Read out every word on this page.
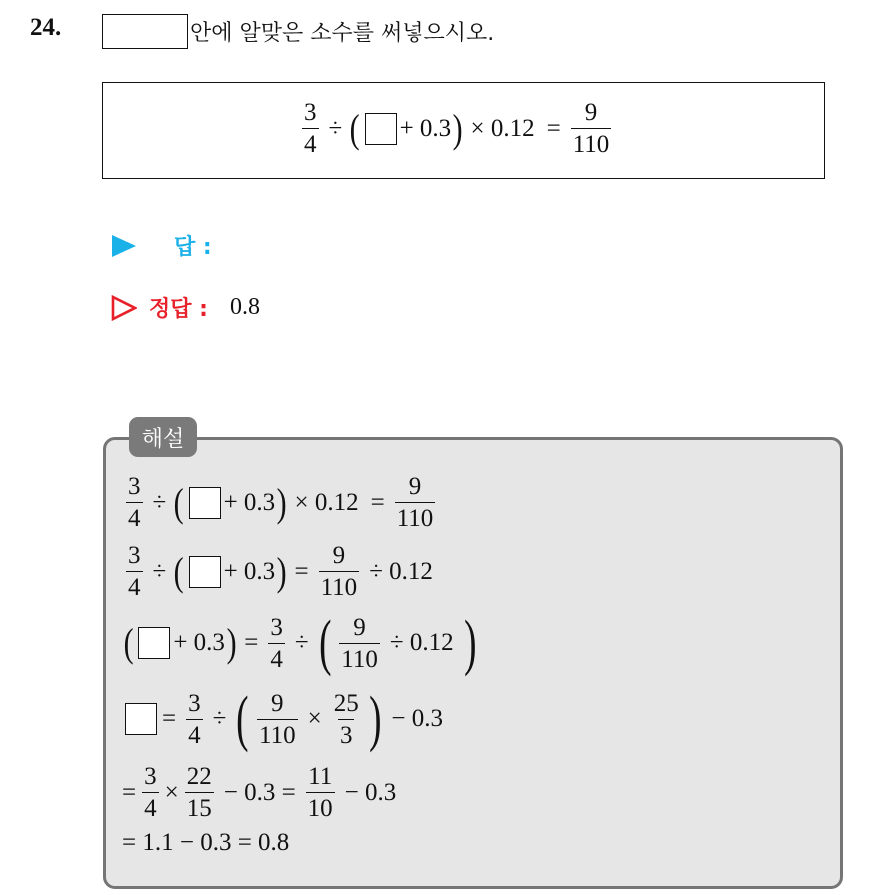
24.	안에 알맞은 소수를 써넣으시오.
$\frac{3}{4}$ ÷ ( + 0.3 ) × $0.12 = \frac{9}{110}$
답 :
정답 : 0.8
해설
$\frac{3}{4}$ ÷ ( + 0.3 ) × $0.12 = \frac{9}{110}$
$\frac{3}{4}$ ÷ ( + 0.3 ) = $\frac{9}{110} \div 0.12$
( + 0.3 ) = $\frac{3}{4}$ ÷ ( $\frac{9}{110} \div 0.12$ )
= $\frac{3}{4}$ ÷ ( $\frac{9}{110} \times \frac{25}{3}$ ) − 0.3
= $\frac{3}{4} \times \frac{22}{15} - 0.3 = \frac{11}{10} - 0.3$
= 1.1 − 0.3 = 0.8
